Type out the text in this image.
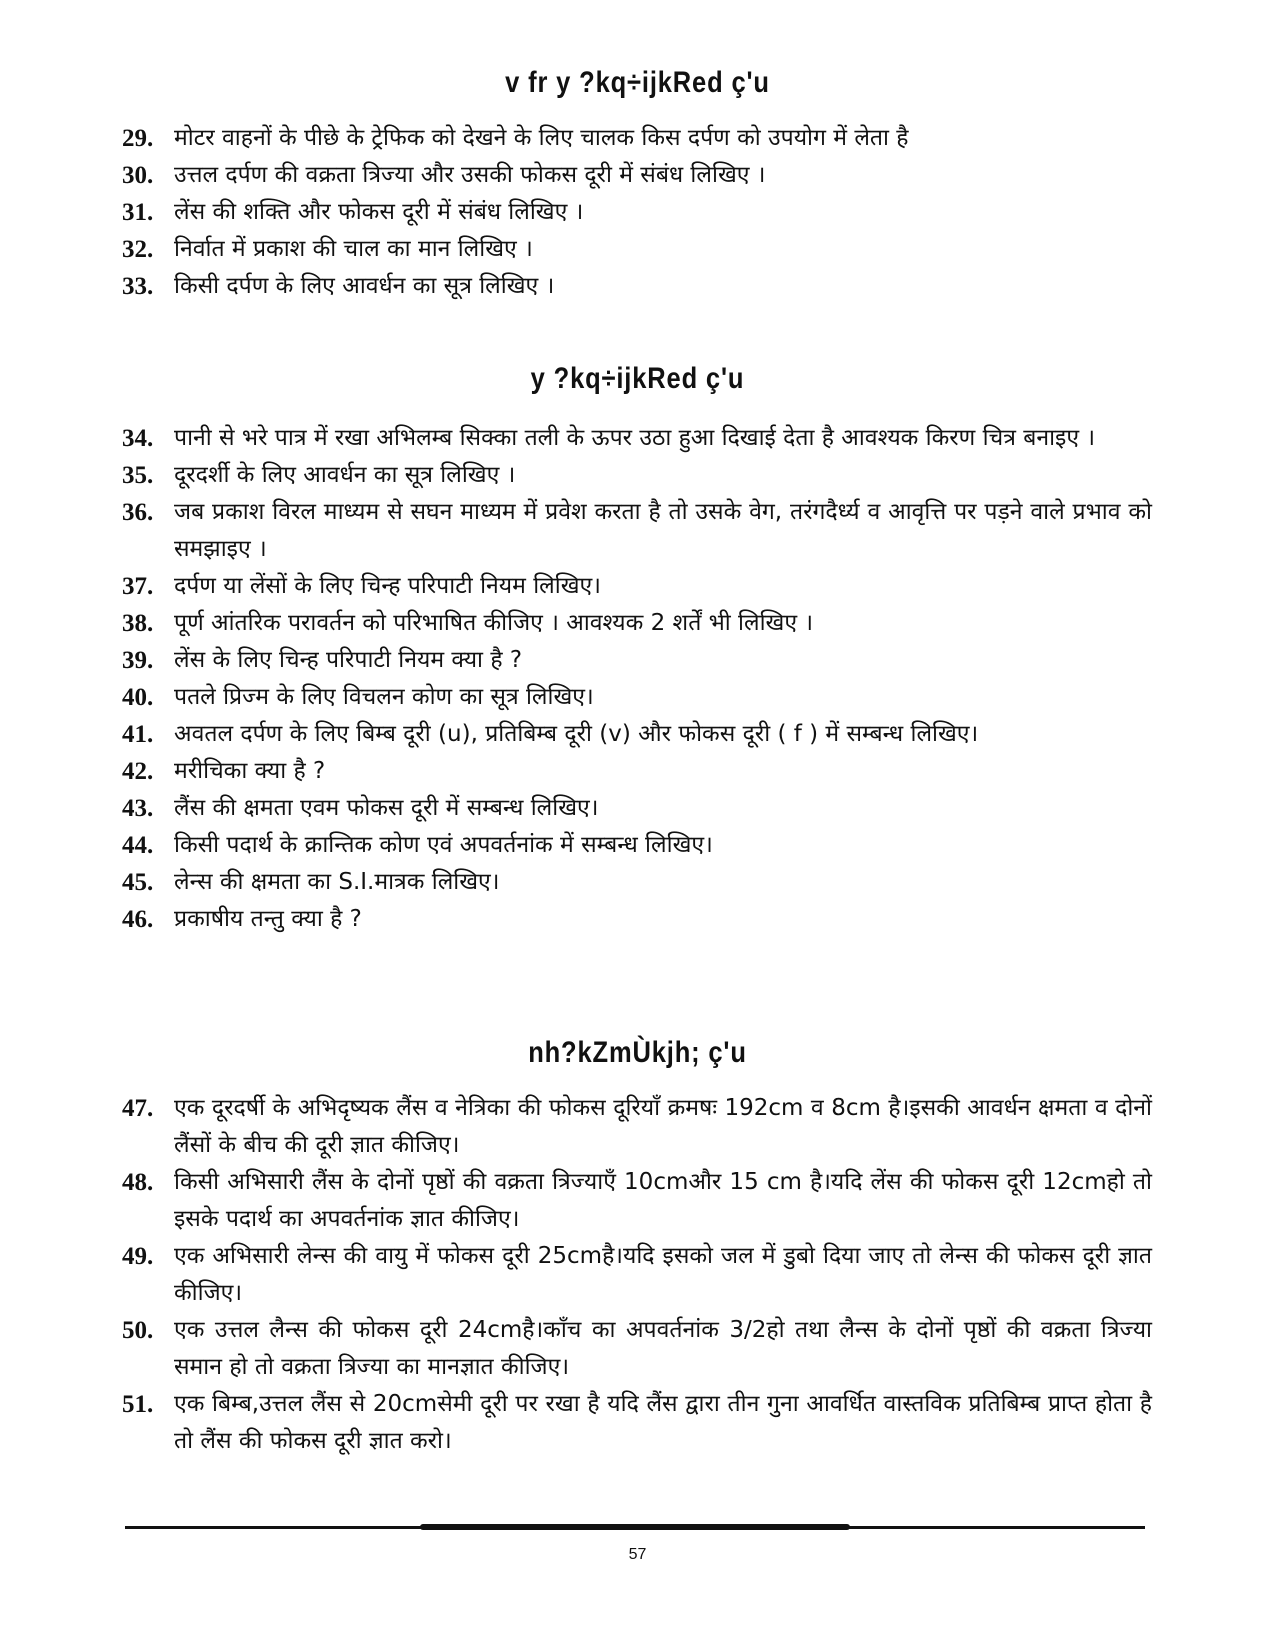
v fr y ?kq÷ijkRed ç'u
29. मोटर वाहनों के पीछे के ट्रेफिक को देखने के लिए चालक किस दर्पण को उपयोग में लेता है
30. उत्तल दर्पण की वक्रता त्रिज्या और उसकी फोकस दूरी में संबंध लिखिए ।
31. लेंस की शक्ति और फोकस दूरी में संबंध लिखिए ।
32. निर्वात में प्रकाश की चाल का मान लिखिए ।
33. किसी दर्पण के लिए आवर्धन का सूत्र लिखिए ।
y ?kq÷ijkRed ç'u
34. पानी से भरे पात्र में रखा अभिलम्ब सिक्का तली के ऊपर उठा हुआ दिखाई देता है आवश्यक किरण चित्र बनाइए ।
35. दूरदर्शी के लिए आवर्धन का सूत्र लिखिए ।
36. जब प्रकाश विरल माध्यम से सघन माध्यम में प्रवेश करता है तो उसके वेग, तरंगदैर्ध्य व आवृत्ति पर पड़ने वाले प्रभाव को समझाइए ।
37. दर्पण या लेंसों के लिए चिन्ह परिपाटी नियम लिखिए।
38. पूर्ण आंतरिक परावर्तन को परिभाषित कीजिए । आवश्यक 2 शर्तें भी लिखिए ।
39. लेंस के लिए चिन्ह परिपाटी नियम क्या है ?
40. पतले प्रिज्म के लिए विचलन कोण का सूत्र लिखिए।
41. अवतल दर्पण के लिए बिम्ब दूरी (u), प्रतिबिम्ब दूरी (v) और फोकस दूरी ( f ) में सम्बन्ध लिखिए।
42. मरीचिका क्या है ?
43. लैंस की क्षमता एवम फोकस दूरी में सम्बन्ध लिखिए।
44. किसी पदार्थ के क्रान्तिक कोण एवं अपवर्तनांक में सम्बन्ध लिखिए।
45. लेन्स की क्षमता का S.I.मात्रक लिखिए।
46. प्रकाषीय तन्तु क्या है ?
nh?kZmÙkjh; ç'u
47. एक दूरदर्षी के अभिदृष्यक लैंस व नेत्रिका की फोकस दूरियाँ क्रमषः 192cm व 8cm है।इसकी आवर्धन क्षमता व दोनों लैंसों के बीच की दूरी ज्ञात कीजिए।
48. किसी अभिसारी लैंस के दोनों पृष्ठों की वक्रता त्रिज्याएँ 10cmऔर 15 cm है।यदि लेंस की फोकस दूरी 12cmहो तो इसके पदार्थ का अपवर्तनांक ज्ञात कीजिए।
49. एक अभिसारी लेन्स की वायु में फोकस दूरी 25cmहै।यदि इसको जल में डुबो दिया जाए तो लेन्स की फोकस दूरी ज्ञात कीजिए।
50. एक उत्तल लैन्स की फोकस दूरी 24cmहै।काँच का अपवर्तनांक 3/2हो तथा लैन्स के दोनों पृष्ठों की वक्रता त्रिज्या समान हो तो वक्रता त्रिज्या का मानज्ञात कीजिए।
51. एक बिम्ब,उत्तल लैंस से 20cmसेमी दूरी पर रखा है यदि लैंस द्वारा तीन गुना आवर्धित वास्तविक प्रतिबिम्ब प्राप्त होता है तो लैंस की फोकस दूरी ज्ञात करो।
57
